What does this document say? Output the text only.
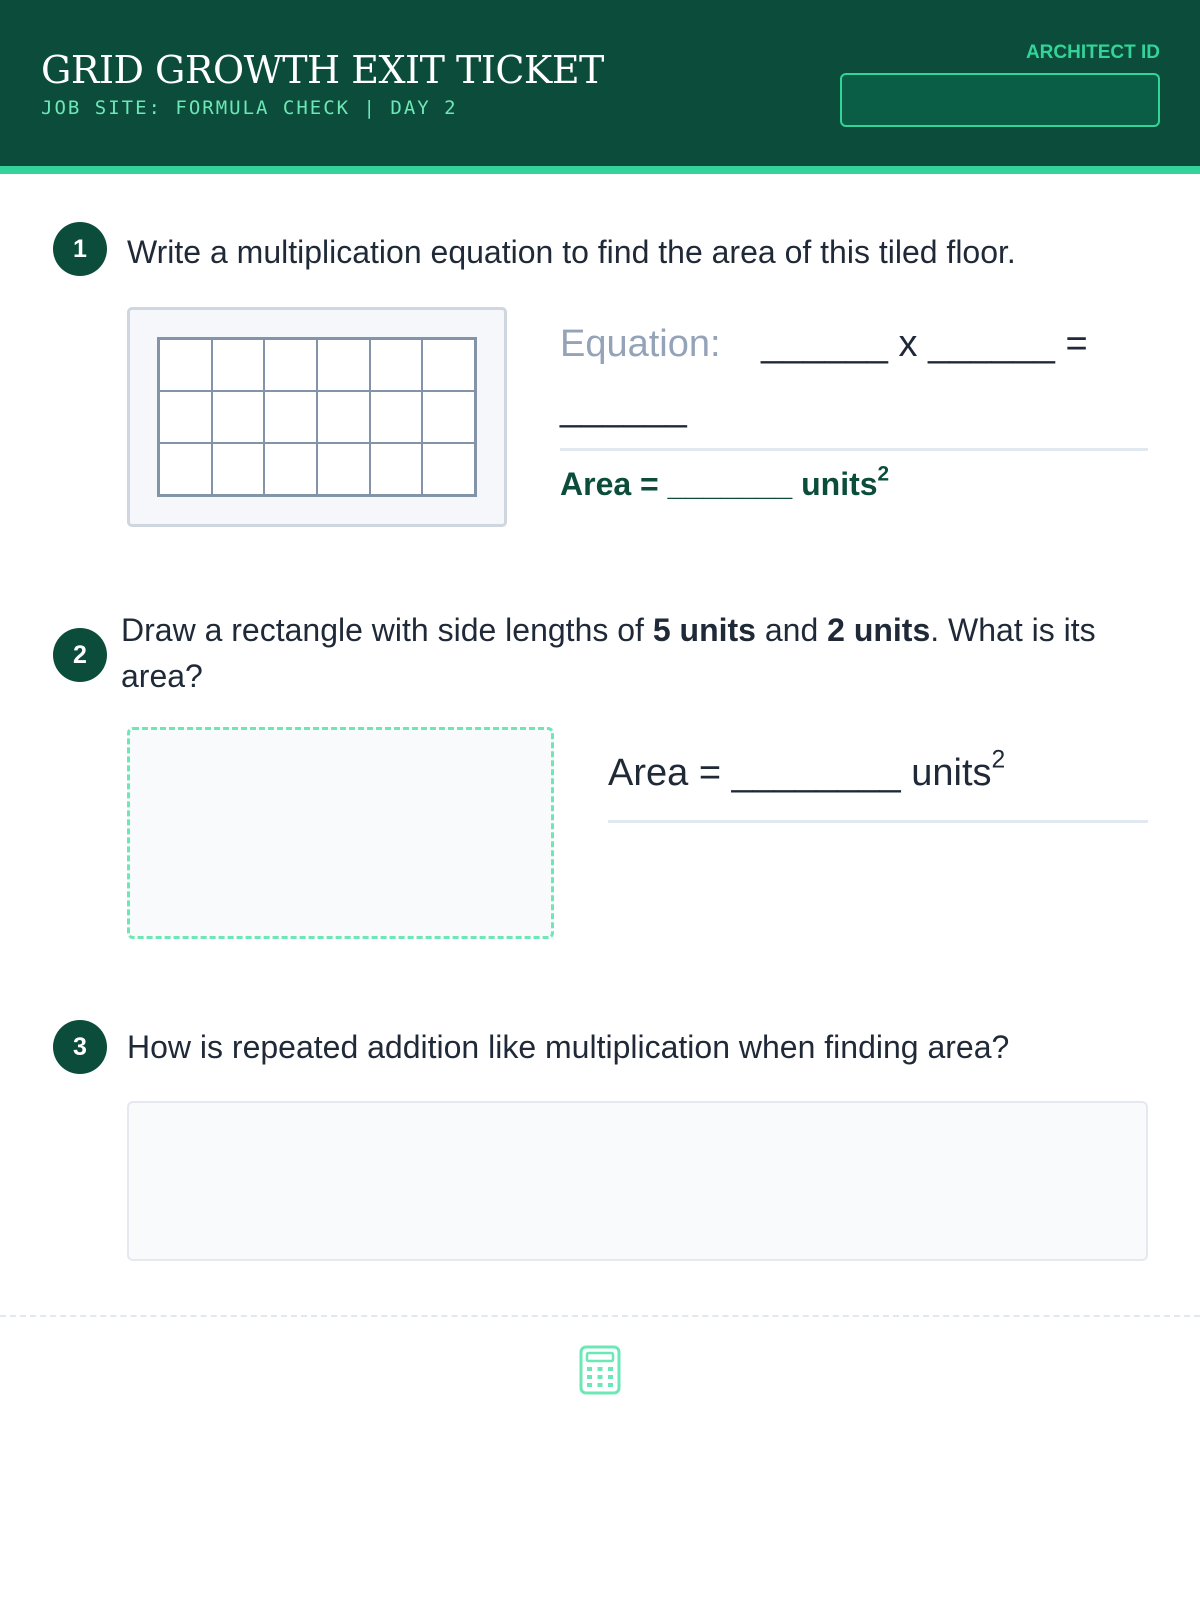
GRID GROWTH EXIT TICKET
JOB SITE: FORMULA CHECK | DAY 2
ARCHITECT ID
1	Write a multiplication equation to find the area of this tiled floor.
Equation: ______ x ______ = ______
Area = _______ units$^2$
2
Draw a rectangle with side lengths of 5 units and 2 units. What is its area?
Area = ________ units$^2$
3	How is repeated addition like multiplication when finding area?
